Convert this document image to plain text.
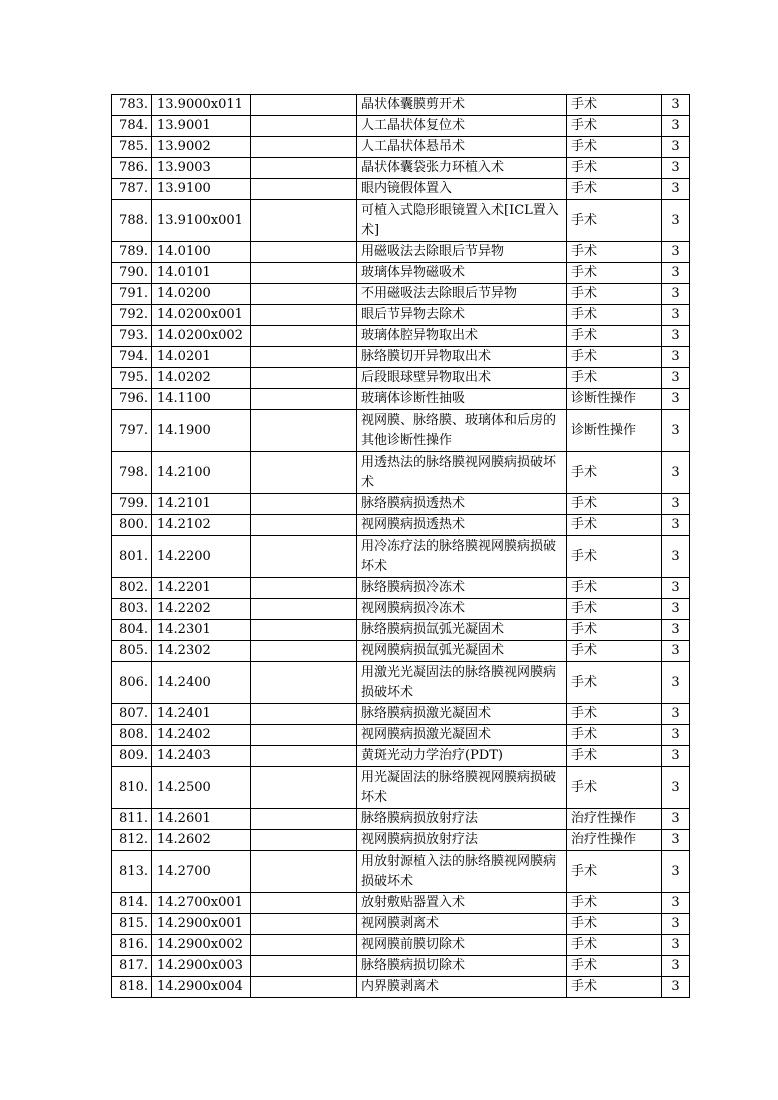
783.	13.9000x011		晶状体囊膜剪开术	手术	3
784.	13.9001		人工晶状体复位术	手术	3
785.	13.9002		人工晶状体悬吊术	手术	3
786.	13.9003		晶状体囊袋张力环植入术	手术	3
787.	13.9100		眼内镜假体置入	手术	3
788.	13.9100x001		可植入式隐形眼镜置入术[ICL置入术]	手术	3
789.	14.0100		用磁吸法去除眼后节异物	手术	3
790.	14.0101		玻璃体异物磁吸术	手术	3
791.	14.0200		不用磁吸法去除眼后节异物	手术	3
792.	14.0200x001		眼后节异物去除术	手术	3
793.	14.0200x002		玻璃体腔异物取出术	手术	3
794.	14.0201		脉络膜切开异物取出术	手术	3
795.	14.0202		后段眼球壁异物取出术	手术	3
796.	14.1100		玻璃体诊断性抽吸	诊断性操作	3
797.	14.1900		视网膜、脉络膜、玻璃体和后房的其他诊断性操作	诊断性操作	3
798.	14.2100		用透热法的脉络膜视网膜病损破坏术	手术	3
799.	14.2101		脉络膜病损透热术	手术	3
800.	14.2102		视网膜病损透热术	手术	3
801.	14.2200		用冷冻疗法的脉络膜视网膜病损破坏术	手术	3
802.	14.2201		脉络膜病损冷冻术	手术	3
803.	14.2202		视网膜病损冷冻术	手术	3
804.	14.2301		脉络膜病损氙弧光凝固术	手术	3
805.	14.2302		视网膜病损氙弧光凝固术	手术	3
806.	14.2400		用激光光凝固法的脉络膜视网膜病损破坏术	手术	3
807.	14.2401		脉络膜病损激光凝固术	手术	3
808.	14.2402		视网膜病损激光凝固术	手术	3
809.	14.2403		黄斑光动力学治疗(PDT)	手术	3
810.	14.2500		用光凝固法的脉络膜视网膜病损破坏术	手术	3
811.	14.2601		脉络膜病损放射疗法	治疗性操作	3
812.	14.2602		视网膜病损放射疗法	治疗性操作	3
813.	14.2700		用放射源植入法的脉络膜视网膜病损破坏术	手术	3
814.	14.2700x001		放射敷贴器置入术	手术	3
815.	14.2900x001		视网膜剥离术	手术	3
816.	14.2900x002		视网膜前膜切除术	手术	3
817.	14.2900x003		脉络膜病损切除术	手术	3
818.	14.2900x004		内界膜剥离术	手术	3
